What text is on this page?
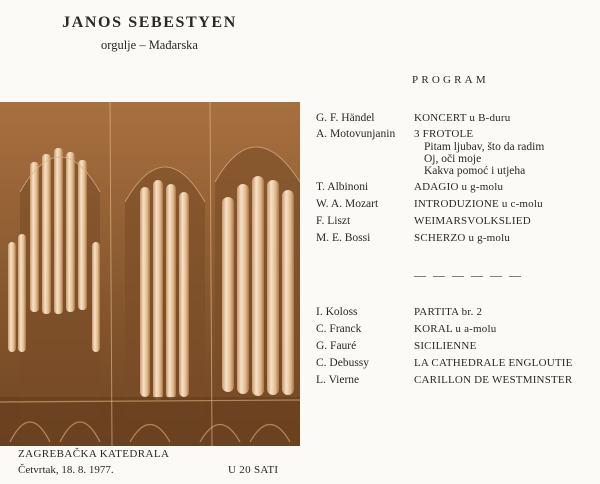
JANOS SEBESTYEN
orgulje – Mađarska
PROGRAM
G. F. Händel	KONCERT u B-duru
A. Motovunjanin 3 FROTOLE
Pitam ljubav, što da radim
Oj, oči moje
Kakva pomoć i utjeha
T. Albinoni	ADAGIO u g-molu
W. A. Mozart	INTRODUZIONE u c-molu
F. Liszt	WEIMARSVOLKSLIED
M. E. Bossi	SCHERZO u g-molu
— — — — — —
I. Koloss	PARTITA br. 2
C. Franck	KORAL u a-molu
G. Fauré	SICILIENNE
C. Debussy	LA CATHEDRALE ENGLOUTIE
L. Vierne	CARILLON DE WESTMINSTER
ZAGREBAČKA KATEDRALA
Četvrtak, 18. 8. 1977.	U 20 SATI
